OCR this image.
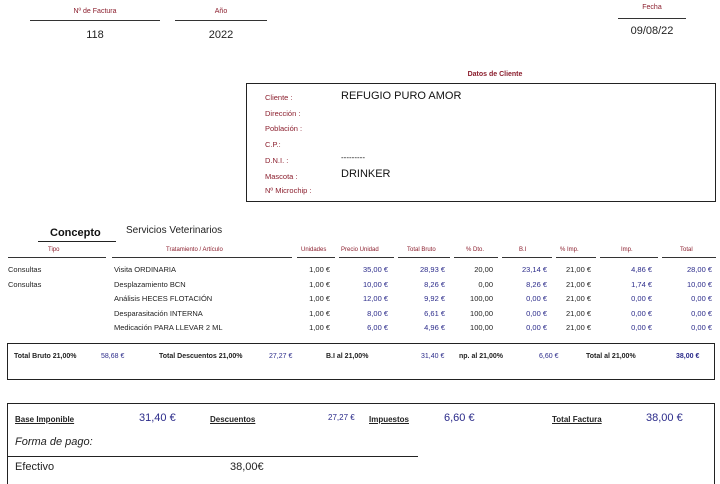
Nº de Factura
118
Año
2022
Fecha
09/08/22
Datos de Cliente
Cliente :	REFUGIO PURO AMOR
Dirección :
Población :
C.P.:
D.N.I. :	---------
Mascota :	DRINKER
Nº Microchip :
Concepto	Servicios Veterinarios
Tipo	Tratamiento / Artículo	Unidades Precio Unidad	Total Bruto	% Dto.	B.I	% Imp.	Imp.	Total
Consultas	Visita ORDINARIA	1,00 €	35,00 €	28,93 €	20,00	23,14 €	21,00 €	4,86 €	28,00 €
Consultas	Desplazamiento BCN	1,00 €	10,00 €	8,26 €	0,00	8,26 €	21,00 €	1,74 €	10,00 €
Análisis HECES FLOTACIÓN	1,00 €	12,00 €	9,92 €	100,00	0,00 €	21,00 €	0,00 €	0,00 €
Desparasitación INTERNA	1,00 €	8,00 €	6,61 €	100,00	0,00 €	21,00 €	0,00 €	0,00 €
Medicación PARA LLEVAR 2 ML	1,00 €	6,00 €	4,96 €	100,00	0,00 €	21,00 €	0,00 €	0,00 €
Total Bruto 21,00%	58,68 €	Total Descuentos 21,00%	27,27 €	B.I al 21,00%	31,40 € np. al 21,00%	6,60 €	Total al 21,00%	38,00 €
Base Imponible	31,40 €	Descuentos	27,27 € Impuestos	6,60 €	Total Factura	38,00 €
Forma de pago:
Efectivo	38,00€
